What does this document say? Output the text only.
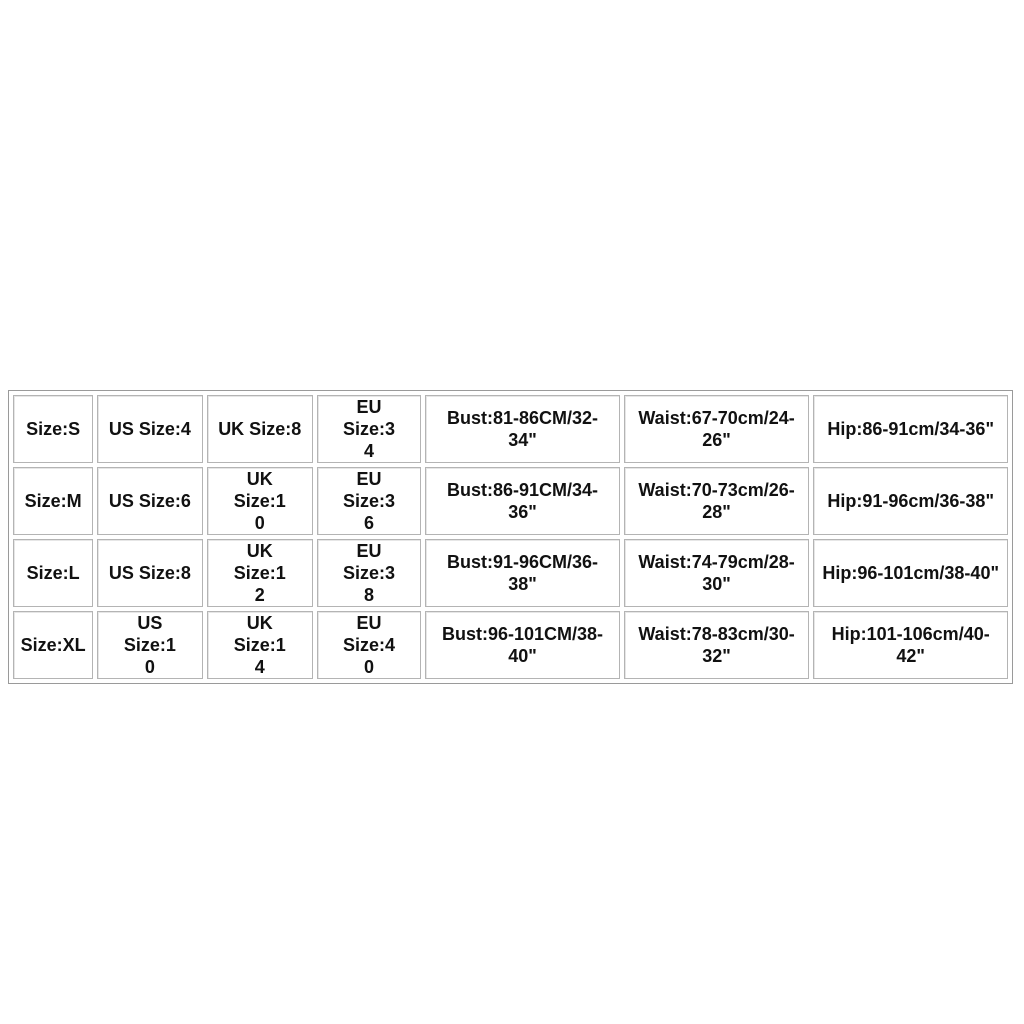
Size:S	US Size:4	UK Size:8	EU Size:34	Bust:81-86CM/32-34"	Waist:67-70cm/24-26"	Hip:86-91cm/34-36"
Size:M	US Size:6	UK Size:10	EU Size:36	Bust:86-91CM/34-36"	Waist:70-73cm/26-28"	Hip:91-96cm/36-38"
Size:L	US Size:8	UK Size:12	EU Size:38	Bust:91-96CM/36-38"	Waist:74-79cm/28-30"	Hip:96-101cm/38-40"
Size:XL	US Size:10	UK Size:14	EU Size:40	Bust:96-101CM/38-40"	Waist:78-83cm/30-32"	Hip:101-106cm/40-42"
